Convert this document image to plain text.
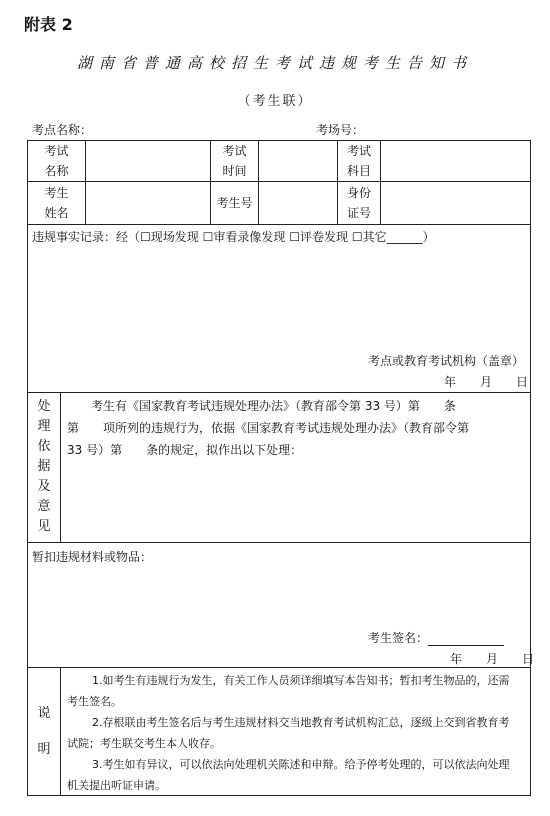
附表 2
湖南省普通高校招生考试违规考生告知书
（考生联）
考点名称：	考场号：
考试
名称
考试
时间
考试
科目
考生
姓名
考生号
身份
证号
违规事实记录：经（☐现场发现 ☐审看录像发现 ☐评卷发现 ☐其它______）
考点或教育考试机构（盖章）
年　　月　　日
处
理
依
据
及
意
见
　　考生有《国家教育考试违规处理办法》（教育部令第 33 号）第　　条
第　　项所列的违规行为，依据《国家教育考试违规处理办法》（教育部令第
33 号）第　　条的规定，拟作出以下处理：
暂扣违规材料或物品：
考生签名：
年　　月　　日
说
明
1.如考生有违规行为发生，有关工作人员须详细填写本告知书；暂扣考生物品的，还需
考生签名。
2.存根联由考生签名后与考生违规材料交当地教育考试机构汇总，逐级上交到省教育考
试院；考生联交考生本人收存。
3.考生如有异议，可以依法向处理机关陈述和申辩。给予停考处理的，可以依法向处理
机关提出听证申请。
